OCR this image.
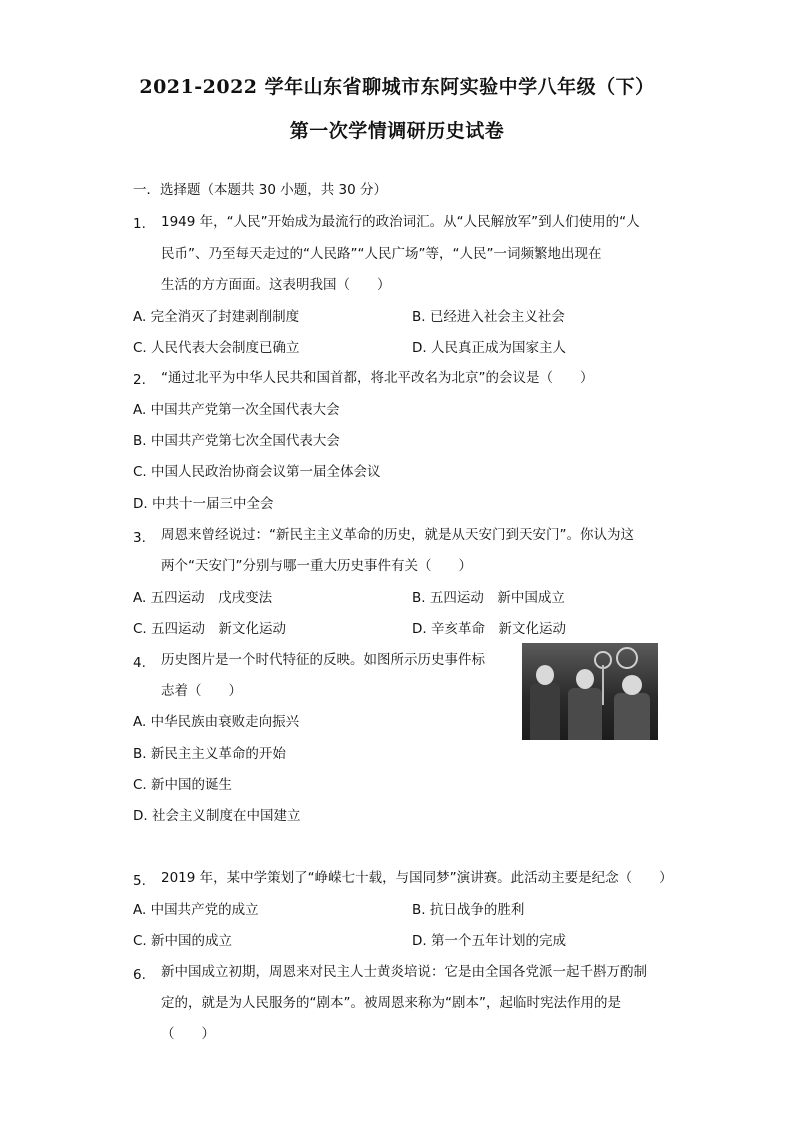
2021-2022 学年山东省聊城市东阿实验中学八年级（下）
第一次学情调研历史试卷
一．选择题（本题共 30 小题，共 30 分）
1. 1949 年，“人民”开始成为最流行的政治词汇。从“人民解放军”到人们使用的“人
民币”、乃至每天走过的“人民路”“人民广场”等，“人民”一词频繁地出现在
生活的方方面面。这表明我国（　　）
A. 完全消灭了封建剥削制度	B. 已经进入社会主义社会
C. 人民代表大会制度已确立	D. 人民真正成为国家主人
2. “通过北平为中华人民共和国首都，将北平改名为北京”的会议是（　　）
A. 中国共产党第一次全国代表大会
B. 中国共产党第七次全国代表大会
C. 中国人民政治协商会议第一届全体会议
D. 中共十一届三中全会
3. 周恩来曾经说过：“新民主主义革命的历史，就是从天安门到天安门”。你认为这
两个“天安门”分别与哪一重大历史事件有关（　　）
A. 五四运动　戊戌变法	B. 五四运动　新中国成立
C. 五四运动　新文化运动	D. 辛亥革命　新文化运动
4. 历史图片是一个时代特征的反映。如图所示历史事件标
志着（　　）
A. 中华民族由衰败走向振兴
B. 新民主主义革命的开始
C. 新中国的诞生
D. 社会主义制度在中国建立
5. 2019 年，某中学策划了“峥嵘七十载，与国同梦”演讲赛。此活动主要是纪念（　　）
A. 中国共产党的成立	B. 抗日战争的胜利
C. 新中国的成立	D. 第一个五年计划的完成
6. 新中国成立初期，周恩来对民主人士黄炎培说：它是由全国各党派一起千斟万酌制
定的，就是为人民服务的“剧本”。被周恩来称为“剧本”，起临时宪法作用的是
（　　）
